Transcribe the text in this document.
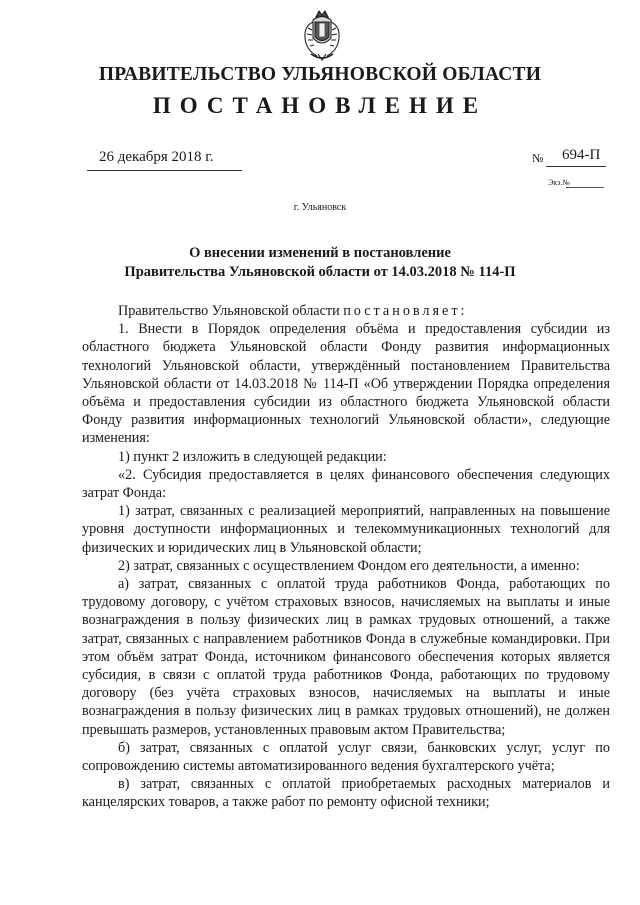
ПРАВИТЕЛЬСТВО УЛЬЯНОВСКОЙ ОБЛАСТИ
ПОСТАНОВЛЕНИЕ
26 декабря 2018 г.	№ 694-П
Экз.№
г. Ульяновск
О внесении изменений в постановление
Правительства Ульяновской области от 14.03.2018 № 114-П

Правительство Ульяновской области постановляет:

1. Внести в Порядок определения объёма и предоставления субсидии из областного бюджета Ульяновской области Фонду развития информационных технологий Ульяновской области, утверждённый постановлением Правительства Ульяновской области от 14.03.2018 № 114-П «Об утверждении Порядка определения объёма и предоставления субсидии из областного бюджета Ульяновской области Фонду развития информационных технологий Ульяновской области», следующие изменения:

1) пункт 2 изложить в следующей редакции:

«2. Субсидия предоставляется в целях финансового обеспечения следующих затрат Фонда:

1) затрат, связанных с реализацией мероприятий, направленных на повышение уровня доступности информационных и телекоммуникационных технологий для физических и юридических лиц в Ульяновской области;

2) затрат, связанных с осуществлением Фондом его деятельности, а именно:

а) затрат, связанных с оплатой труда работников Фонда, работающих по трудовому договору, с учётом страховых взносов, начисляемых на выплаты и иные вознаграждения в пользу физических лиц в рамках трудовых отношений, а также затрат, связанных с направлением работников Фонда в служебные командировки. При этом объём затрат Фонда, источником финансового обеспечения которых является субсидия, в связи с оплатой труда работников Фонда, работающих по трудовому договору (без учёта страховых взносов, начисляемых на выплаты и иные вознаграждения в пользу физических лиц в рамках трудовых отношений), не должен превышать размеров, установленных правовым актом Правительства;

б) затрат, связанных с оплатой услуг связи, банковских услуг, услуг по сопровождению системы автоматизированного ведения бухгалтерского учёта;

в) затрат, связанных с оплатой приобретаемых расходных материалов и канцелярских товаров, а также работ по ремонту офисной техники;
